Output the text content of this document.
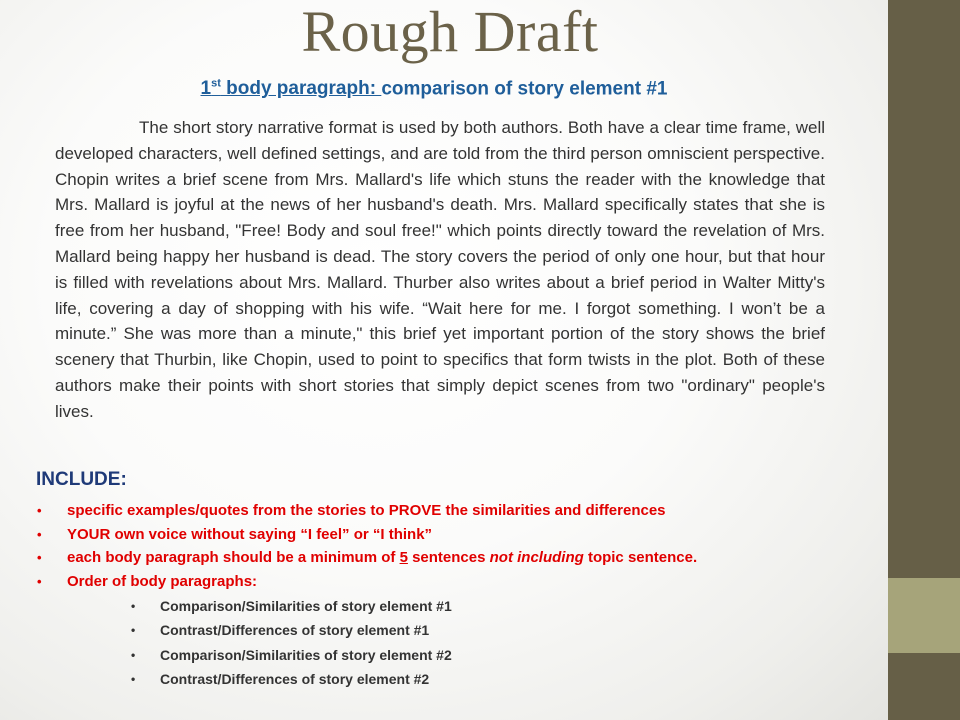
Rough Draft
1st body paragraph: comparison of story element #1
The short story narrative format is used by both authors. Both have a clear time frame, well developed characters, well defined settings, and are told from the third person omniscient perspective. Chopin writes a brief scene from Mrs. Mallard's life which stuns the reader with the knowledge that Mrs. Mallard is joyful at the news of her husband's death. Mrs. Mallard specifically states that she is free from her husband, "Free! Body and soul free!" which points directly toward the revelation of Mrs. Mallard being happy her husband is dead. The story covers the period of only one hour, but that hour is filled with revelations about Mrs. Mallard. Thurber also writes about a brief period in Walter Mitty's life, covering a day of shopping with his wife. “Wait here for me. I forgot something. I won’t be a minute.” She was more than a minute," this brief yet important portion of the story shows the brief scenery that Thurbin, like Chopin, used to point to specifics that form twists in the plot. Both of these authors make their points with short stories that simply depict scenes from two "ordinary" people's lives.
INCLUDE:
• specific examples/quotes from the stories to PROVE the similarities and differences
• YOUR own voice without saying “I feel” or “I think”
• each body paragraph should be a minimum of 5 sentences not including topic sentence.
• Order of body paragraphs:
• Comparison/Similarities of story element #1
• Contrast/Differences of story element #1
• Comparison/Similarities of story element #2
• Contrast/Differences of story element #2
